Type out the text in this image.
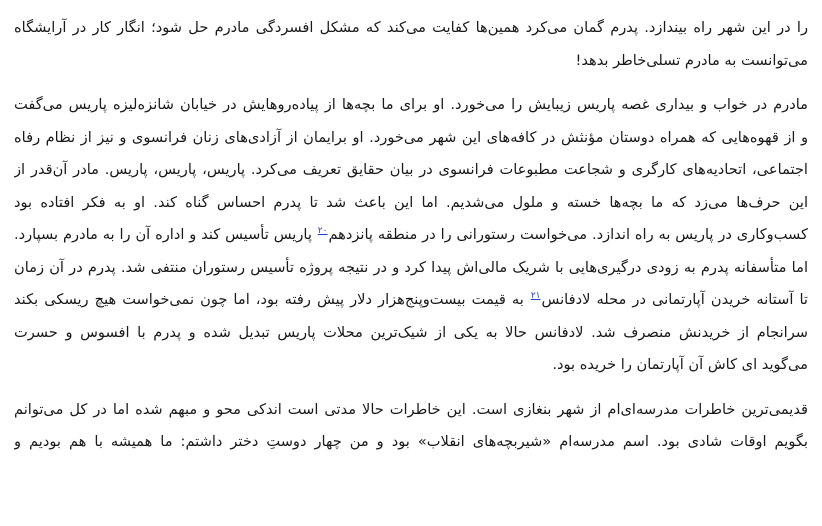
را در این شهر راه بیندازد. پدرم گمان می‌کرد همین‌ها کفایت می‌کند که مشکل افسردگی مادرم حل شود؛ انگار کار در آرایشگاه
می‌توانست به مادرم تسلی‌خاطر بدهد!

مادرم در خواب و بیداری غصه پاریس زیبایش را می‌خورد. او برای ما بچه‌ها از پیاده‌روهایش در خیابان شانزه‌لیزه پاریس می‌گفت
و از قهوه‌هایی که همراه دوستان مؤنثش در کافه‌های این شهر می‌خورد. او برایمان از آزادی‌های زنان فرانسوی و نیز از نظام رفاه
اجتماعی، اتحادیه‌های کارگری و شجاعت مطبوعات فرانسوی در بیان حقایق تعریف می‌کرد. پاریس، پاریس، پاریس. مادر آن‌قدر از
این حرف‌ها می‌زد که ما بچه‌ها خسته و ملول می‌شدیم. اما این باعث شد تا پدرم احساس گناه کند. او به فکر افتاده بود
کسب‌وکاری در پاریس به راه اندازد. می‌خواست رستورانی را در منطقه پانزدهم$^{۲۰}$ پاریس تأسیس کند و اداره آن را به مادرم بسپارد.
اما متأسفانه پدرم به زودی درگیری‌هایی با شریک مالی‌اش پیدا کرد و در نتیجه پروژه تأسیس رستوران منتفی شد. پدرم در آن زمان
تا آستانه خریدن آپارتمانی در محله لادفانس$^{۲۱}$ به قیمت بیست‌وپنج‌هزار دلار پیش رفته بود، اما چون نمی‌خواست هیچ ریسکی بکند
سرانجام از خریدنش منصرف شد. لادفانس حالا به یکی از شیک‌ترین محلات پاریس تبدیل شده و پدرم با افسوس و حسرت
می‌گوید ای کاش آن آپارتمان را خریده بود.

قدیمی‌ترین خاطرات مدرسه‌ای‌ام از شهر بنغازی است. این خاطرات حالا مدتی است اندکی محو و مبهم شده اما در کل می‌توانم
بگویم اوقات شادی بود. اسم مدرسه‌ام «شیربچه‌های انقلاب» بود و من چهار دوستِ دختر داشتم: ما همیشه با هم بودیم و
